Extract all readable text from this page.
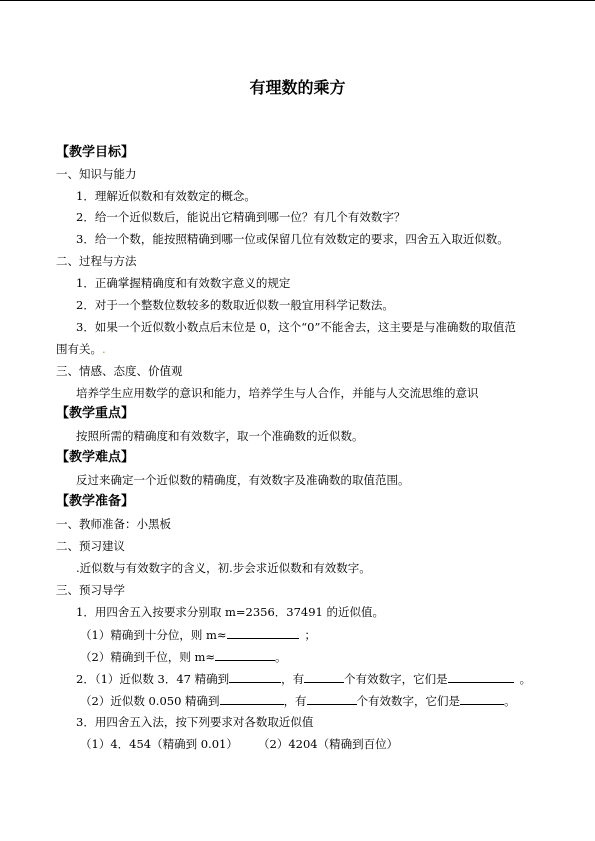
有理数的乘方
【教学目标】
一、知识与能力
1．理解近似数和有效数定的概念。
2．给一个近似数后，能说出它精确到哪一位？有几个有效数字？
3．给一个数，能按照精确到哪一位或保留几位有效数定的要求，四舍五入取近似数。
二、过程与方法
1．正确掌握精确度和有效数字意义的规定
2．对于一个整数位数较多的数取近似数一般宜用科学记数法。
3．如果一个近似数小数点后末位是 0，这个“0”不能舍去，这主要是与准确数的取值范
围有关。.
三、情感、态度、价值观
培养学生应用数学的意识和能力，培养学生与人合作，并能与人交流思维的意识
【教学重点】
按照所需的精确度和有效数字，取一个准确数的近似数。
【教学难点】
反过来确定一个近似数的精确度，有效数字及准确数的取值范围。
【教学准备】
一、教师准备：小黑板
二、预习建议
.近似数与有效数字的含义，初.步会求近似数和有效数字。
三、预习导学
1．用四舍五入按要求分别取 m=2356．37491 的近似值。
（1）精确到十分位，则 m≈	；
（2）精确到千位，则 m≈	。
2．（1）近似数 3．47 精确到	，有	个有效数字，它们是	。
（2）近似数 0.050 精确到	，有	个有效数字，它们是	。
3．用四舍五入法，按下列要求对各数取近似值
（1）4．454（精确到 0.01） （2）4204（精确到百位）
